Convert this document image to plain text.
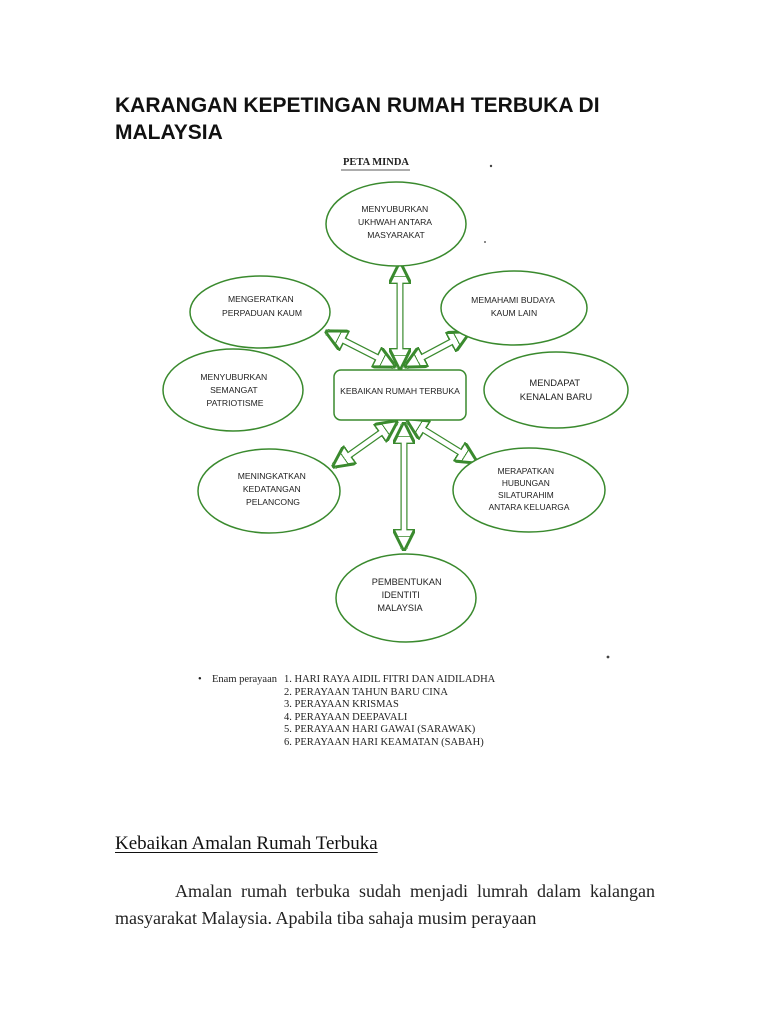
KARANGAN KEPETINGAN RUMAH TERBUKA DI MALAYSIA
PETA MINDA
KEBAIKAN RUMAH TERBUKA
MENYUBURKAN UKHWAH ANTARA MASYARAKAT
MEMAHAMI BUDAYA KAUM LAIN
MENDAPAT KENALAN BARU
MERAPATKAN HUBUNGAN SILATURAHIM ANTARA KELUARGA
PEMBENTUKAN IDENTITI MALAYSIA
MENINGKATKAN KEDATANGAN PELANCONG
MENYUBURKAN SEMANGAT PATRIOTISME
MENGERATKAN PERPADUAN KAUM
• Enam perayaan 1. HARI RAYA AIDIL FITRI DAN AIDILADHA
2. PERAYAAN TAHUN BARU CINA
3. PERAYAAN KRISMAS
4. PERAYAAN DEEPAVALI
5. PERAYAAN HARI GAWAI (SARAWAK)
6. PERAYAAN HARI KEAMATAN (SABAH)
Kebaikan Amalan Rumah Terbuka

Amalan rumah terbuka sudah menjadi lumrah dalam kalangan masyarakat Malaysia. Apabila tiba sahaja musim perayaan
